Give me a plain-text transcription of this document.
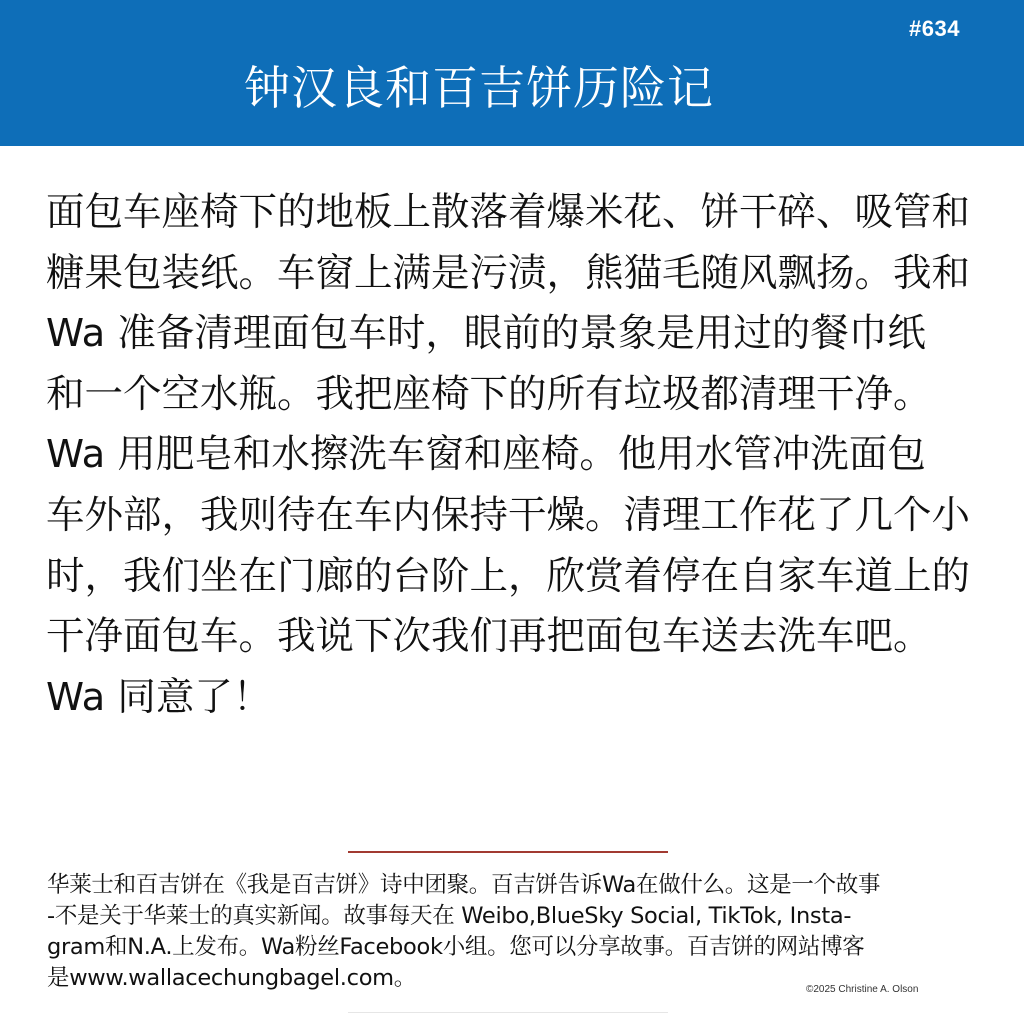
#634
钟汉良和百吉饼历险记
面包车座椅下的地板上散落着爆米花、饼干碎、吸管和
糖果包装纸。车窗上满是污渍，熊猫毛随风飘扬。我和
Wa 准备清理面包车时，眼前的景象是用过的餐巾纸
和一个空水瓶。我把座椅下的所有垃圾都清理干净。
Wa 用肥皂和水擦洗车窗和座椅。他用水管冲洗面包
车外部，我则待在车内保持干燥。清理工作花了几个小
时，我们坐在门廊的台阶上，欣赏着停在自家车道上的
干净面包车。我说下次我们再把面包车送去洗车吧。
Wa 同意了！
华莱士和百吉饼在《我是百吉饼》诗中团聚。百吉饼告诉Wa在做什么。这是一个故事
-不是关于华莱士的真实新闻。故事每天在 Weibo,BlueSky Social, TikTok, Insta-
gram和N.A.上发布。Wa粉丝Facebook小组。您可以分享故事。百吉饼的网站博客
是www.wallacechungbagel.com。	©2025 Christine A. Olson
